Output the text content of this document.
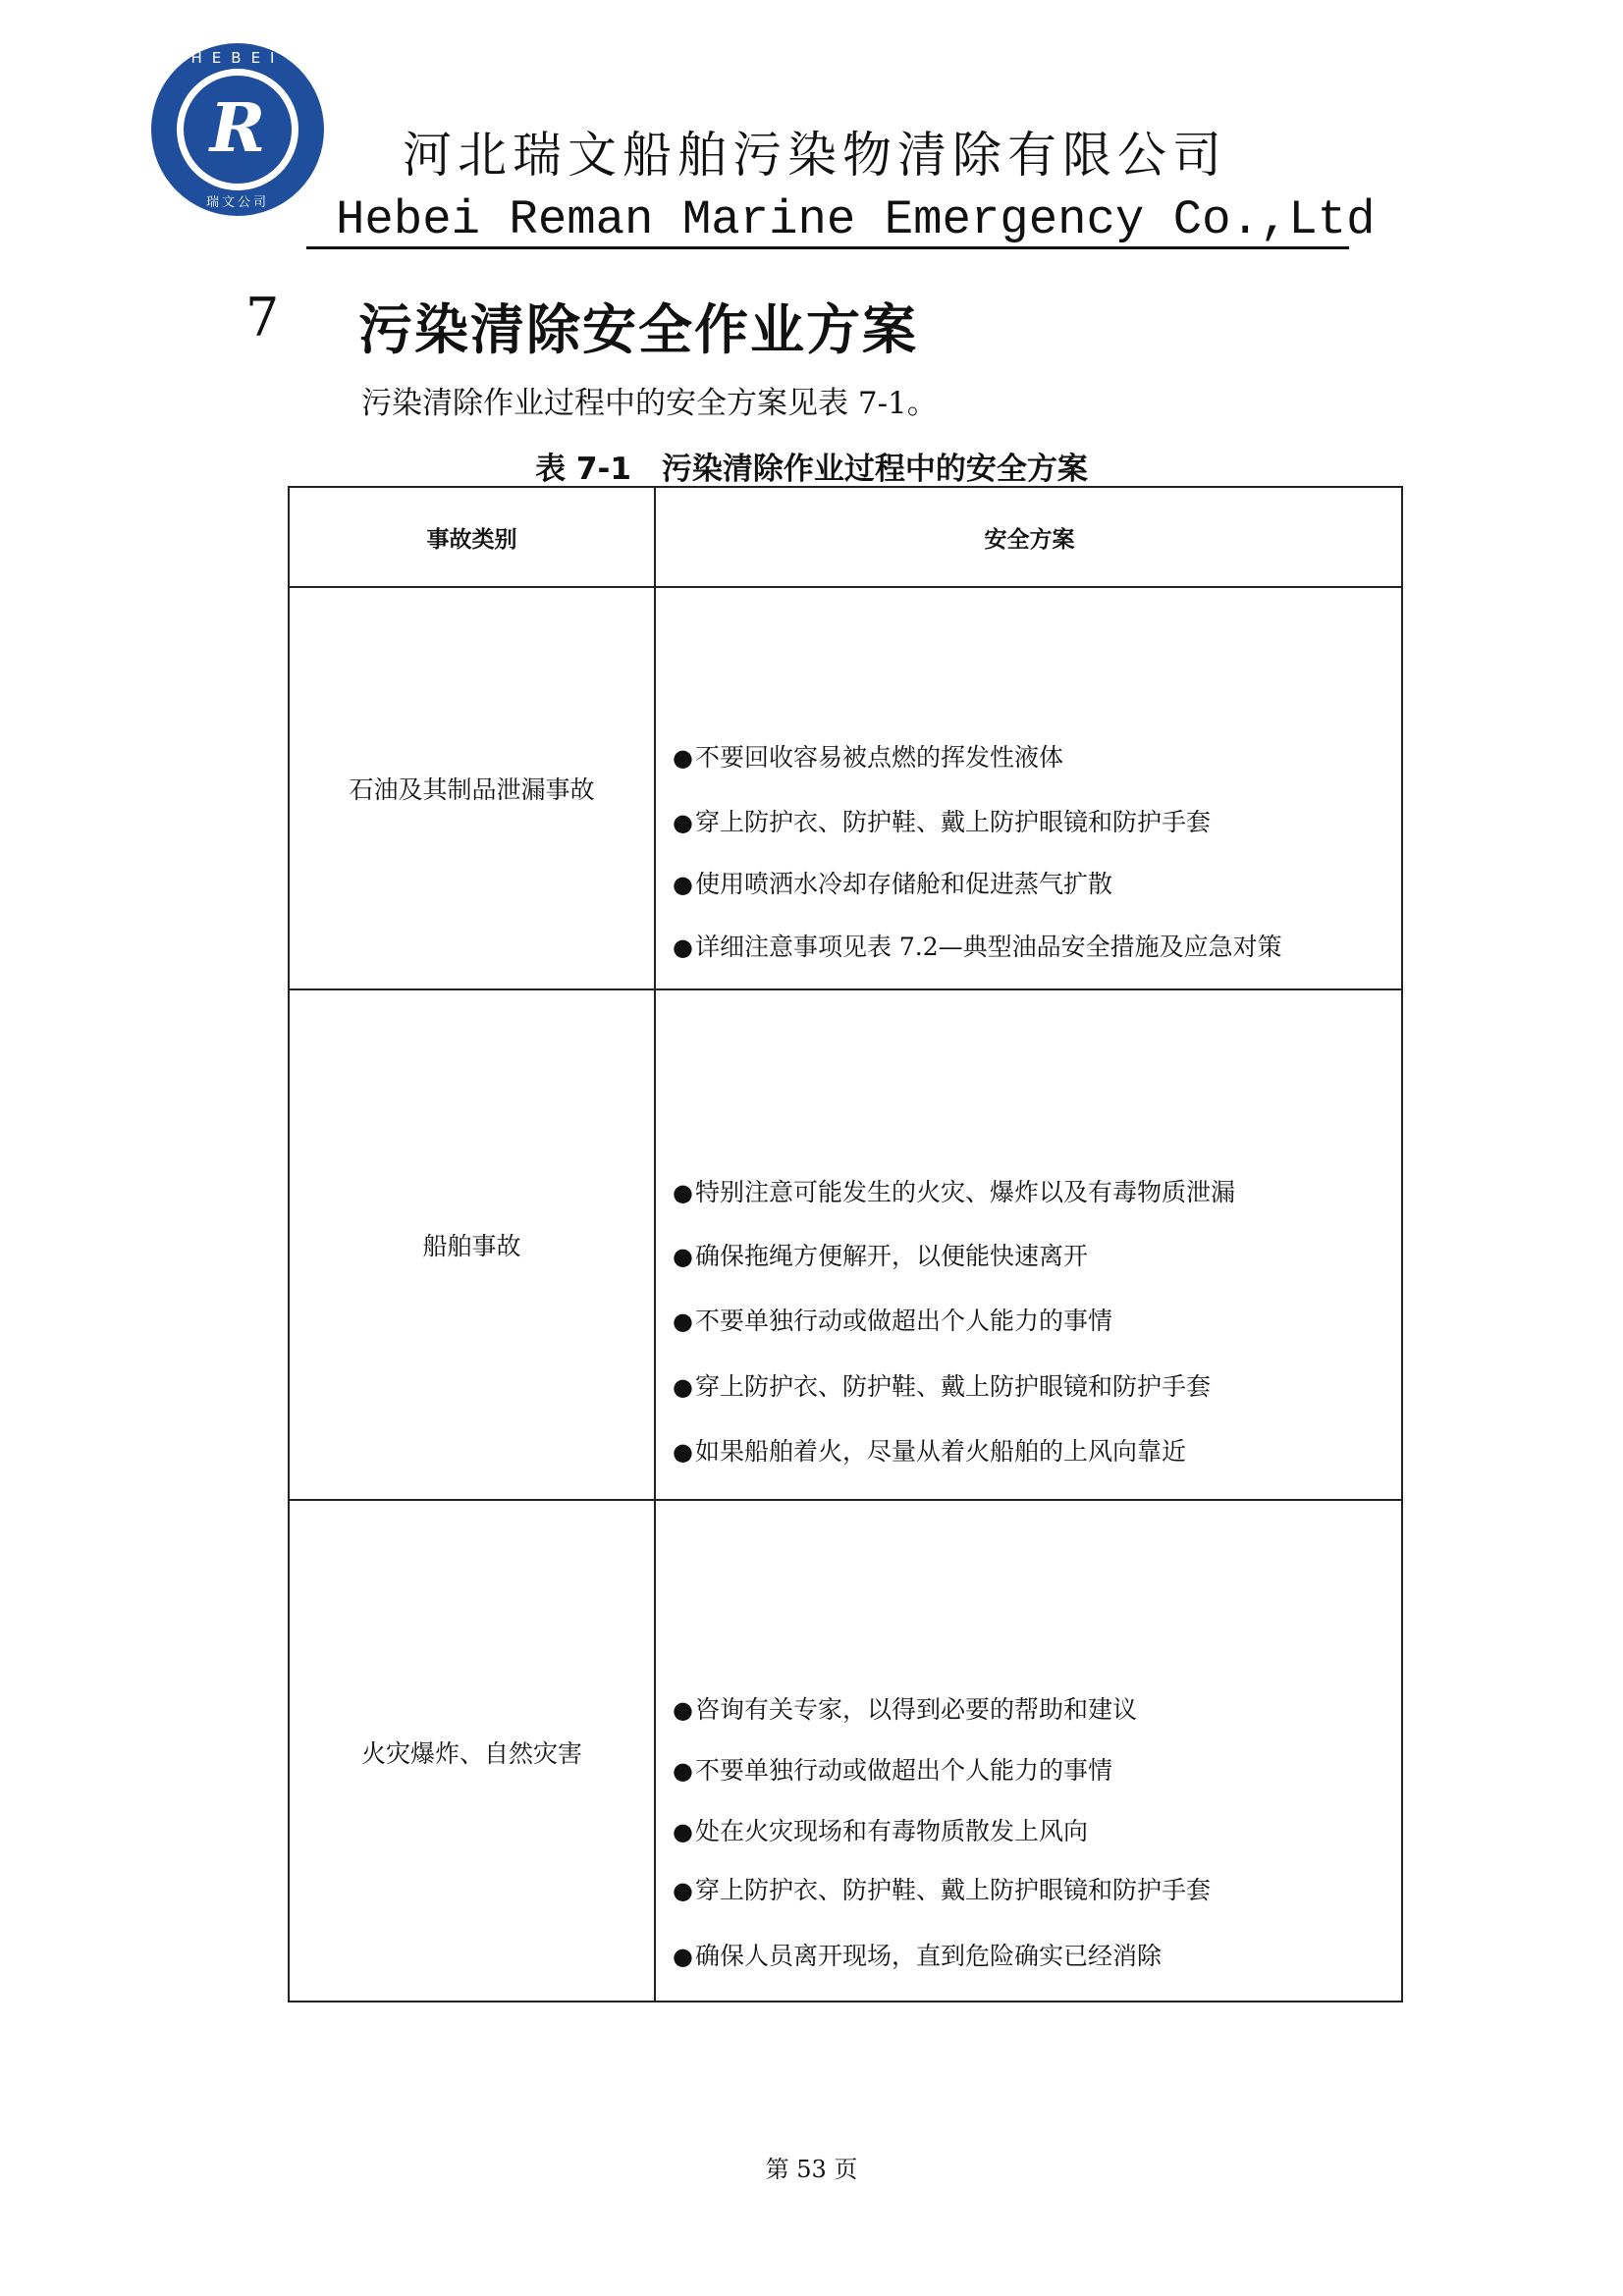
R
HEBEI
瑞文公司
河北瑞文船舶污染物清除有限公司
Hebei Reman Marine Emergency Co.,Ltd
7 污染清除安全作业方案
污染清除作业过程中的安全方案见表 7-1。
表 7-1　污染清除作业过程中的安全方案
事故类别	安全方案
石油及其制品泄漏事故
●不要回收容易被点燃的挥发性液体
●穿上防护衣、防护鞋、戴上防护眼镜和防护手套
●使用喷洒水冷却存储舱和促进蒸气扩散
●详细注意事项见表 7.2—典型油品安全措施及应急对策
船舶事故
●特别注意可能发生的火灾、爆炸以及有毒物质泄漏
●确保拖绳方便解开，以便能快速离开
●不要单独行动或做超出个人能力的事情
●穿上防护衣、防护鞋、戴上防护眼镜和防护手套
●如果船舶着火，尽量从着火船舶的上风向靠近
火灾爆炸、自然灾害
●咨询有关专家，以得到必要的帮助和建议
●不要单独行动或做超出个人能力的事情
●处在火灾现场和有毒物质散发上风向
●穿上防护衣、防护鞋、戴上防护眼镜和防护手套
●确保人员离开现场，直到危险确实已经消除
第 53 页
